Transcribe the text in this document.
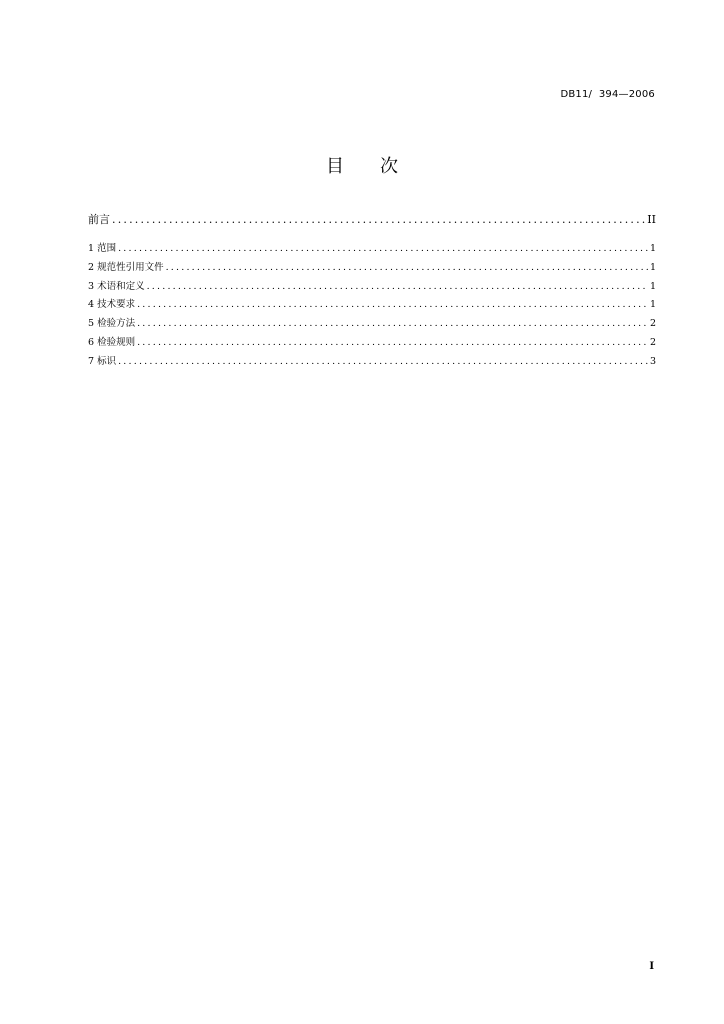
DB11/  394—2006
目次
前言 .....	II
1 范围 .....	1
2 规范性引用文件 .....	1
3 术语和定义 .....	1
4 技术要求 .....	1
5 检验方法 .....	2
6 检验规则 .....	2
7 标识 .....	3
I
